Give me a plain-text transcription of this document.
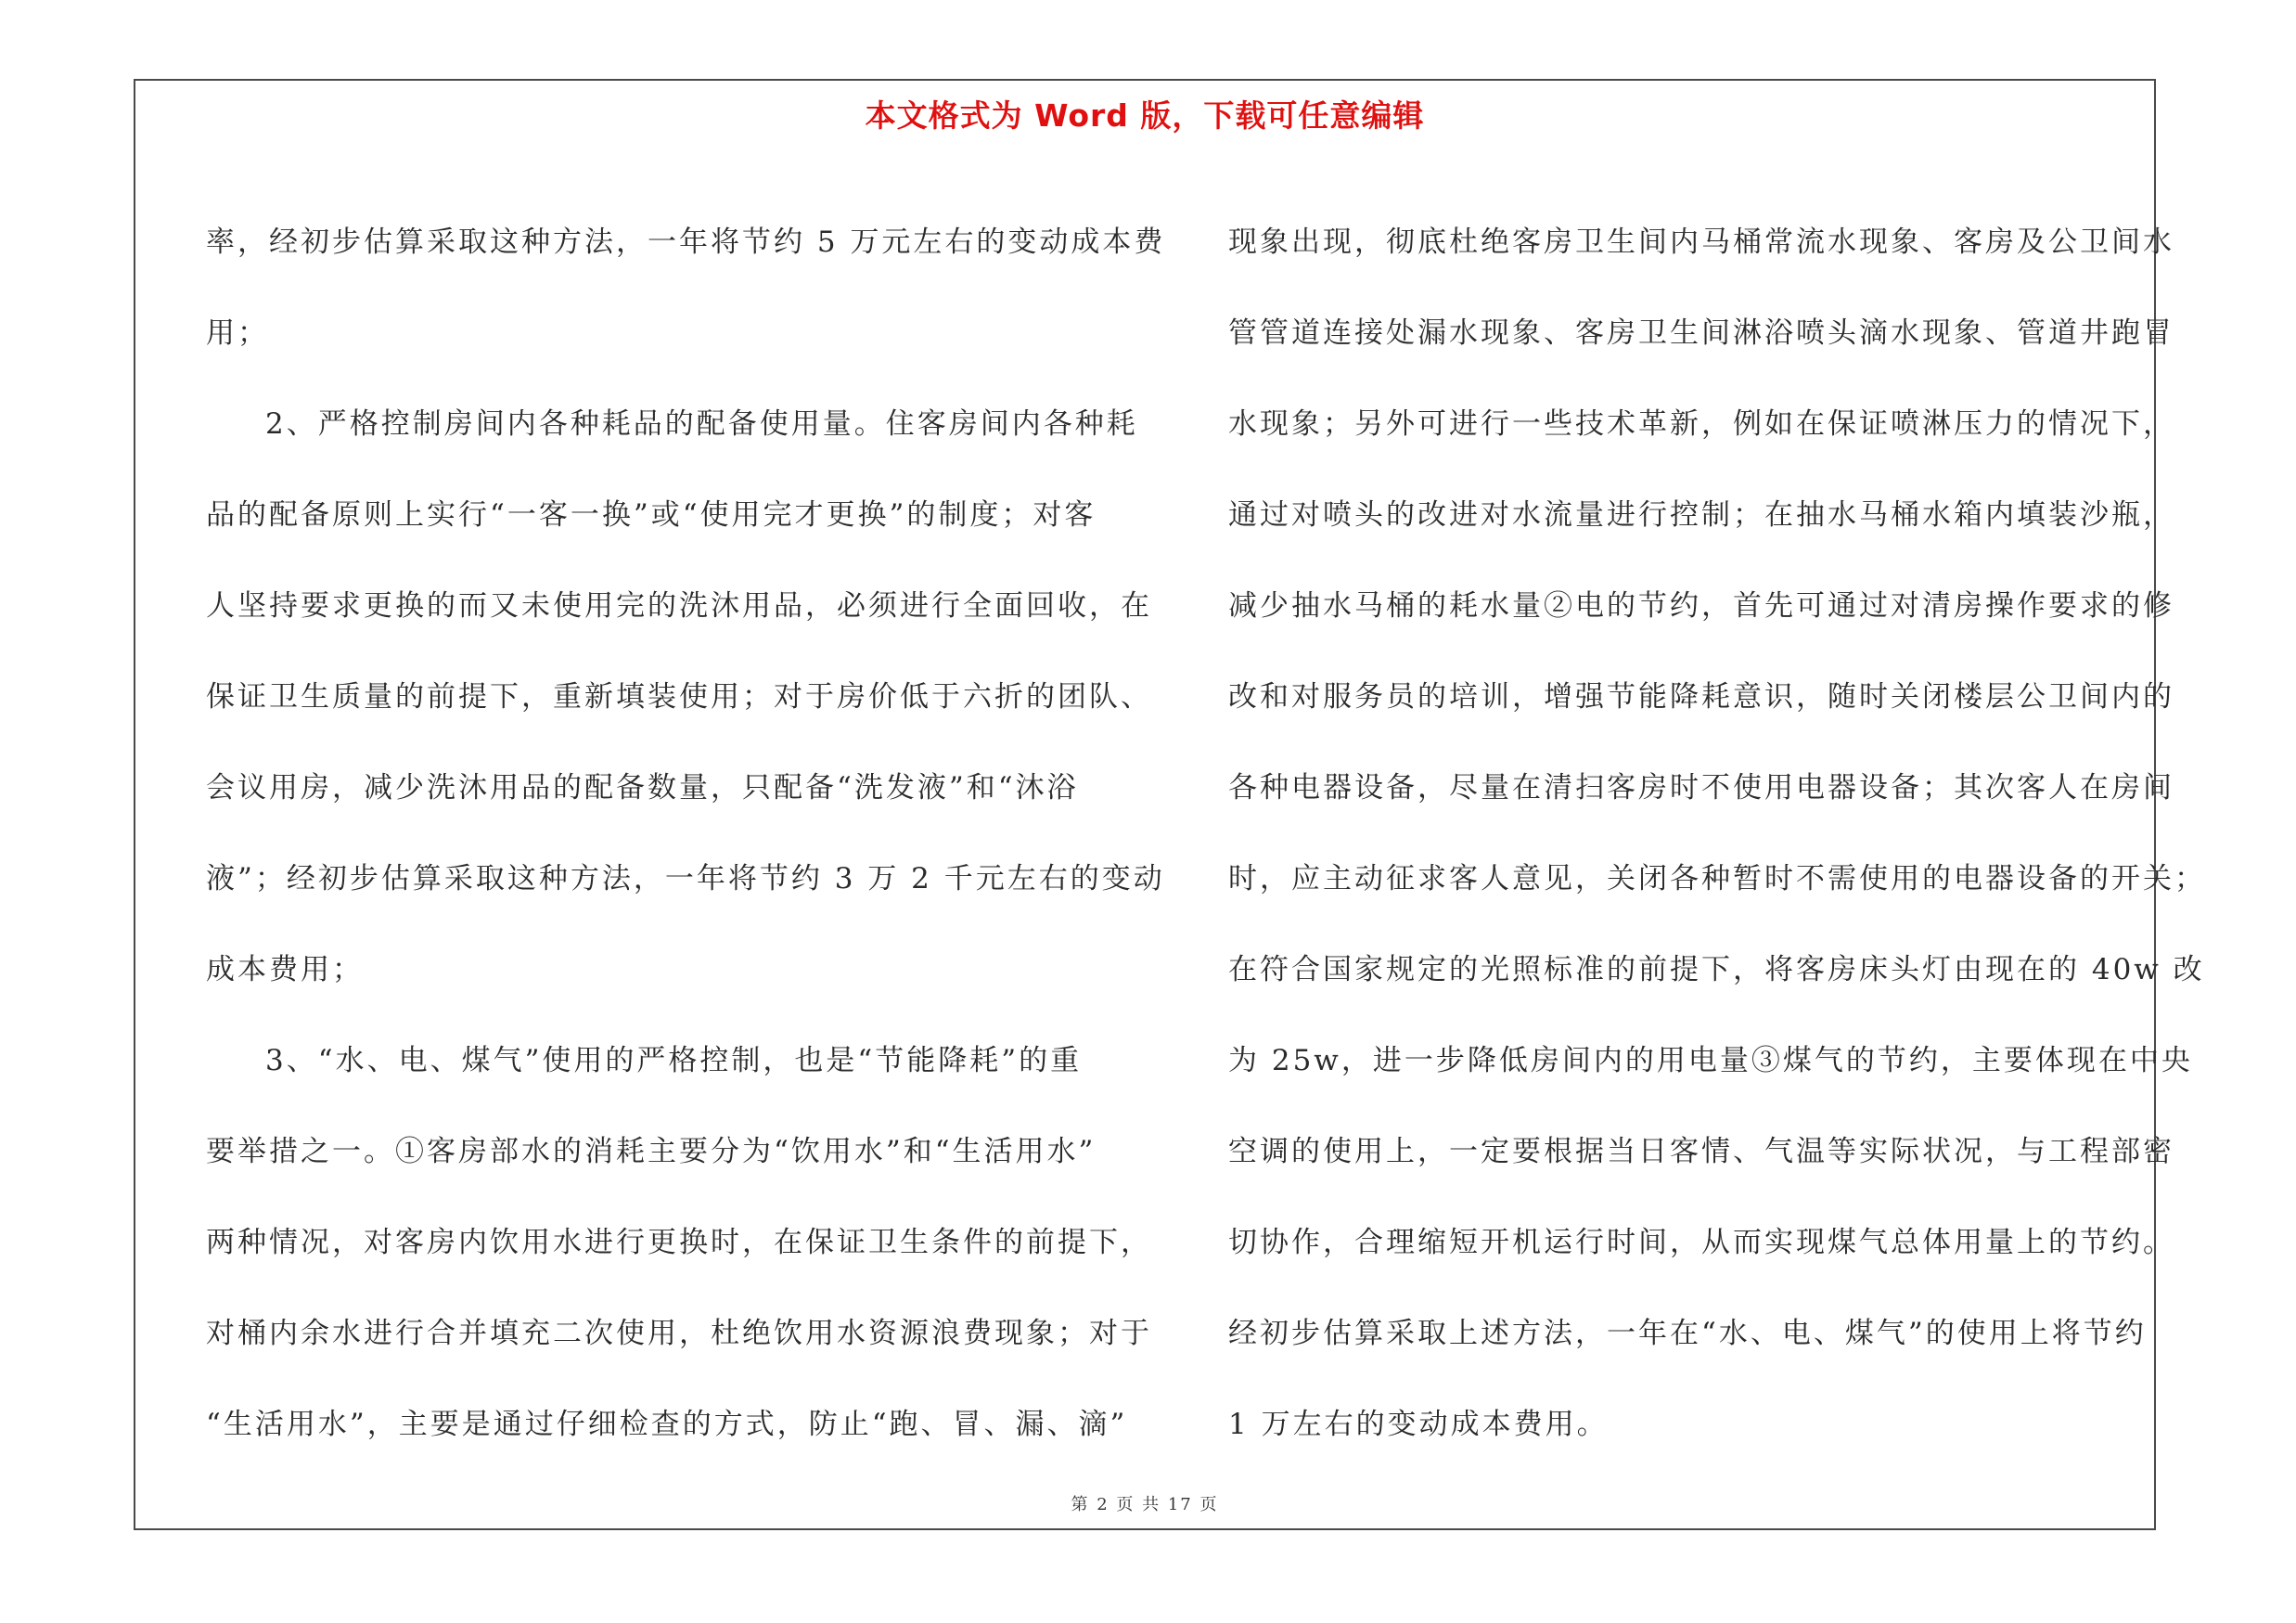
本文格式为 Word 版，下载可任意编辑
率，经初步估算采取这种方法，一年将节约 5 万元左右的变动成本费
用；
2、严格控制房间内各种耗品的配备使用量。住客房间内各种耗
品的配备原则上实行“一客一换”或“使用完才更换”的制度；对客
人坚持要求更换的而又未使用完的洗沐用品，必须进行全面回收，在
保证卫生质量的前提下，重新填装使用；对于房价低于六折的团队、
会议用房，减少洗沐用品的配备数量，只配备“洗发液”和“沐浴
液”；经初步估算采取这种方法，一年将节约 3 万 2 千元左右的变动
成本费用；
3、“水、电、煤气”使用的严格控制，也是“节能降耗”的重
要举措之一。①客房部水的消耗主要分为“饮用水”和“生活用水”
两种情况，对客房内饮用水进行更换时，在保证卫生条件的前提下，
对桶内余水进行合并填充二次使用，杜绝饮用水资源浪费现象；对于
“生活用水”，主要是通过仔细检查的方式，防止“跑、冒、漏、滴”
现象出现，彻底杜绝客房卫生间内马桶常流水现象、客房及公卫间水
管管道连接处漏水现象、客房卫生间淋浴喷头滴水现象、管道井跑冒
水现象；另外可进行一些技术革新，例如在保证喷淋压力的情况下，
通过对喷头的改进对水流量进行控制；在抽水马桶水箱内填装沙瓶，
减少抽水马桶的耗水量②电的节约，首先可通过对清房操作要求的修
改和对服务员的培训，增强节能降耗意识，随时关闭楼层公卫间内的
各种电器设备，尽量在清扫客房时不使用电器设备；其次客人在房间
时，应主动征求客人意见，关闭各种暂时不需使用的电器设备的开关；
在符合国家规定的光照标准的前提下，将客房床头灯由现在的 40w 改
为 25w，进一步降低房间内的用电量③煤气的节约，主要体现在中央
空调的使用上，一定要根据当日客情、气温等实际状况，与工程部密
切协作，合理缩短开机运行时间，从而实现煤气总体用量上的节约。
经初步估算采取上述方法，一年在“水、电、煤气”的使用上将节约
1 万左右的变动成本费用。
第 2 页 共 17 页
